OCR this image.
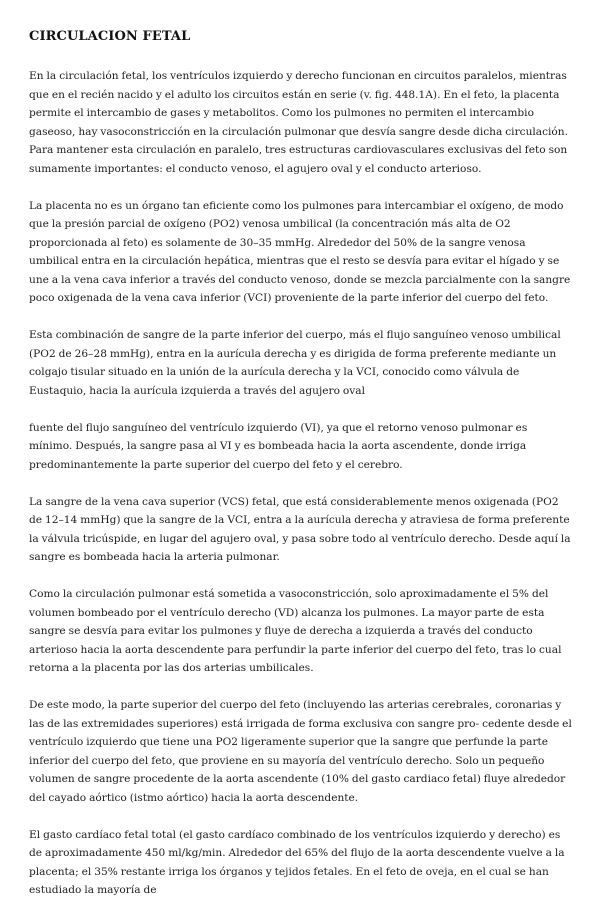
CIRCULACION FETAL

En la circulación fetal, los ventrículos izquierdo y derecho funcionan en circuitos paralelos, mientras que en el recién nacido y el adulto los circuitos están en serie (v. fig. 448.1A). En el feto, la placenta permite el intercambio de gases y metabolitos. Como los pulmones no permiten el intercambio gaseoso, hay vasoconstricción en la circulación pulmonar que desvía sangre desde dicha circulación. Para mantener esta circulación en paralelo, tres estructuras cardiovasculares exclusivas del feto son sumamente importantes: el conducto venoso, el agujero oval y el conducto arterioso.

La placenta no es un órgano tan eficiente como los pulmones para intercambiar el oxígeno, de modo que la presión parcial de oxígeno (PO2) venosa umbilical (la concentración más alta de O2 proporcionada al feto) es solamente de 30–35 mmHg. Alrededor del 50% de la sangre venosa umbilical entra en la circulación hepática, mientras que el resto se desvía para evitar el hígado y se une a la vena cava inferior a través del conducto venoso, donde se mezcla parcialmente con la sangre poco oxigenada de la vena cava inferior (VCI) proveniente de la parte inferior del cuerpo del feto.

Esta combinación de sangre de la parte inferior del cuerpo, más el flujo sanguíneo venoso umbilical (PO2 de 26–28 mmHg), entra en la aurícula derecha y es dirigida de forma preferente mediante un colgajo tisular situado en la unión de la aurícula derecha y la VCI, conocido como válvula de Eustaquio, hacia la aurícula izquierda a través del agujero oval

fuente del flujo sanguíneo del ventrículo izquierdo (VI), ya que el retorno venoso pulmonar es mínimo. Después, la sangre pasa al VI y es bombeada hacia la aorta ascendente, donde irriga predominantemente la parte superior del cuerpo del feto y el cerebro.

La sangre de la vena cava superior (VCS) fetal, que está considerablemente menos oxigenada (PO2 de 12–14 mmHg) que la sangre de la VCI, entra a la aurícula derecha y atraviesa de forma preferente la válvula tricúspide, en lugar del agujero oval, y pasa sobre todo al ventrículo derecho. Desde aquí la sangre es bombeada hacia la arteria pulmonar.

Como la circulación pulmonar está sometida a vasoconstricción, solo aproximadamente el 5% del volumen bombeado por el ventrículo derecho (VD) alcanza los pulmones. La mayor parte de esta sangre se desvía para evitar los pulmones y fluye de derecha a izquierda a través del conducto arterioso hacia la aorta descendente para perfundir la parte inferior del cuerpo del feto, tras lo cual retorna a la placenta por las dos arterias umbilicales.

De este modo, la parte superior del cuerpo del feto (incluyendo las arterias cerebrales, coronarias y las de las extremidades superiores) está irrigada de forma exclusiva con sangre pro- cedente desde el ventrículo izquierdo que tiene una PO2 ligeramente superior que la sangre que perfunde la parte inferior del cuerpo del feto, que proviene en su mayoría del ventrículo derecho. Solo un pequeño volumen de sangre procedente de la aorta ascendente (10% del gasto cardiaco fetal) fluye alrededor del cayado aórtico (istmo aórtico) hacia la aorta descendente.

El gasto cardíaco fetal total (el gasto cardíaco combinado de los ventrículos izquierdo y derecho) es de aproximadamente 450 ml/kg/min. Alrededor del 65% del flujo de la aorta descendente vuelve a la placenta; el 35% restante irriga los órganos y tejidos fetales. En el feto de oveja, en el cual se han estudiado la mayoría de
